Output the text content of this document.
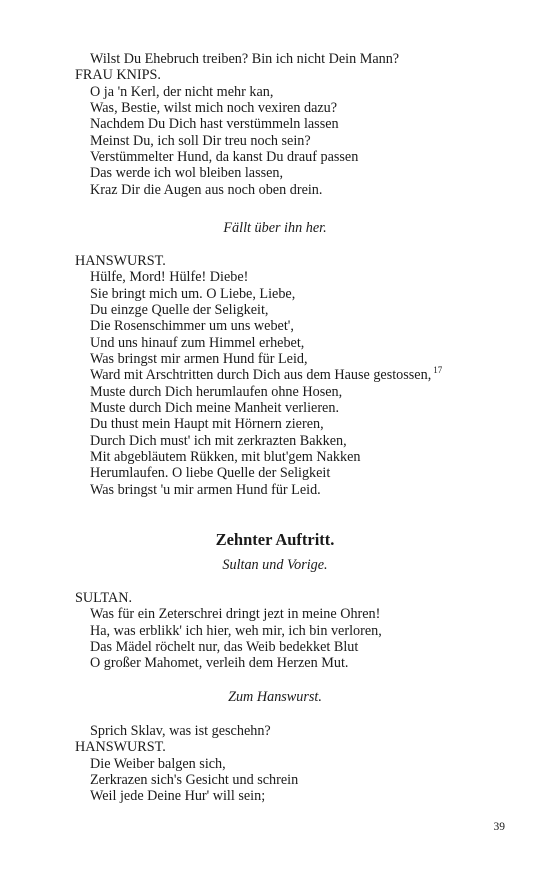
Wilst Du Ehebruch treiben? Bin ich nicht Dein Mann?
FRAU KNIPS.
O ja 'n Kerl, der nicht mehr kan,
Was, Bestie, wilst mich noch vexiren dazu?
Nachdem Du Dich hast verstümmeln lassen
Meinst Du, ich soll Dir treu noch sein?
Verstümmelter Hund, da kanst Du drauf passen
Das werde ich wol bleiben lassen,
Kraz Dir die Augen aus noch oben drein.
Fällt über ihn her.
HANSWURST.
Hülfe, Mord! Hülfe! Diebe!
Sie bringt mich um. O Liebe, Liebe,
Du einzge Quelle der Seligkeit,
Die Rosenschimmer um uns webet',
Und uns hinauf zum Himmel erhebet,
Was bringst mir armen Hund für Leid,
Ward mit Arschtritten durch Dich aus dem Hause gestossen, $^{17}$
Muste durch Dich herumlaufen ohne Hosen,
Muste durch Dich meine Manheit verlieren.
Du thust mein Haupt mit Hörnern zieren,
Durch Dich must' ich mit zerkrazten Bakken,
Mit abgebläutem Rükken, mit blut'gem Nakken
Herumlaufen. O liebe Quelle der Seligkeit
Was bringst 'u mir armen Hund für Leid.
Zehnter Auftritt.
Sultan und Vorige.
SULTAN.
Was für ein Zeterschrei dringt jezt in meine Ohren!
Ha, was erblikk' ich hier, weh mir, ich bin verloren,
Das Mädel röchelt nur, das Weib bedekket Blut
O großer Mahomet, verleih dem Herzen Mut.
Zum Hanswurst.
Sprich Sklav, was ist geschehn?
HANSWURST.
Die Weiber balgen sich,
Zerkrazen sich's Gesicht und schrein
Weil jede Deine Hur' will sein;
39
